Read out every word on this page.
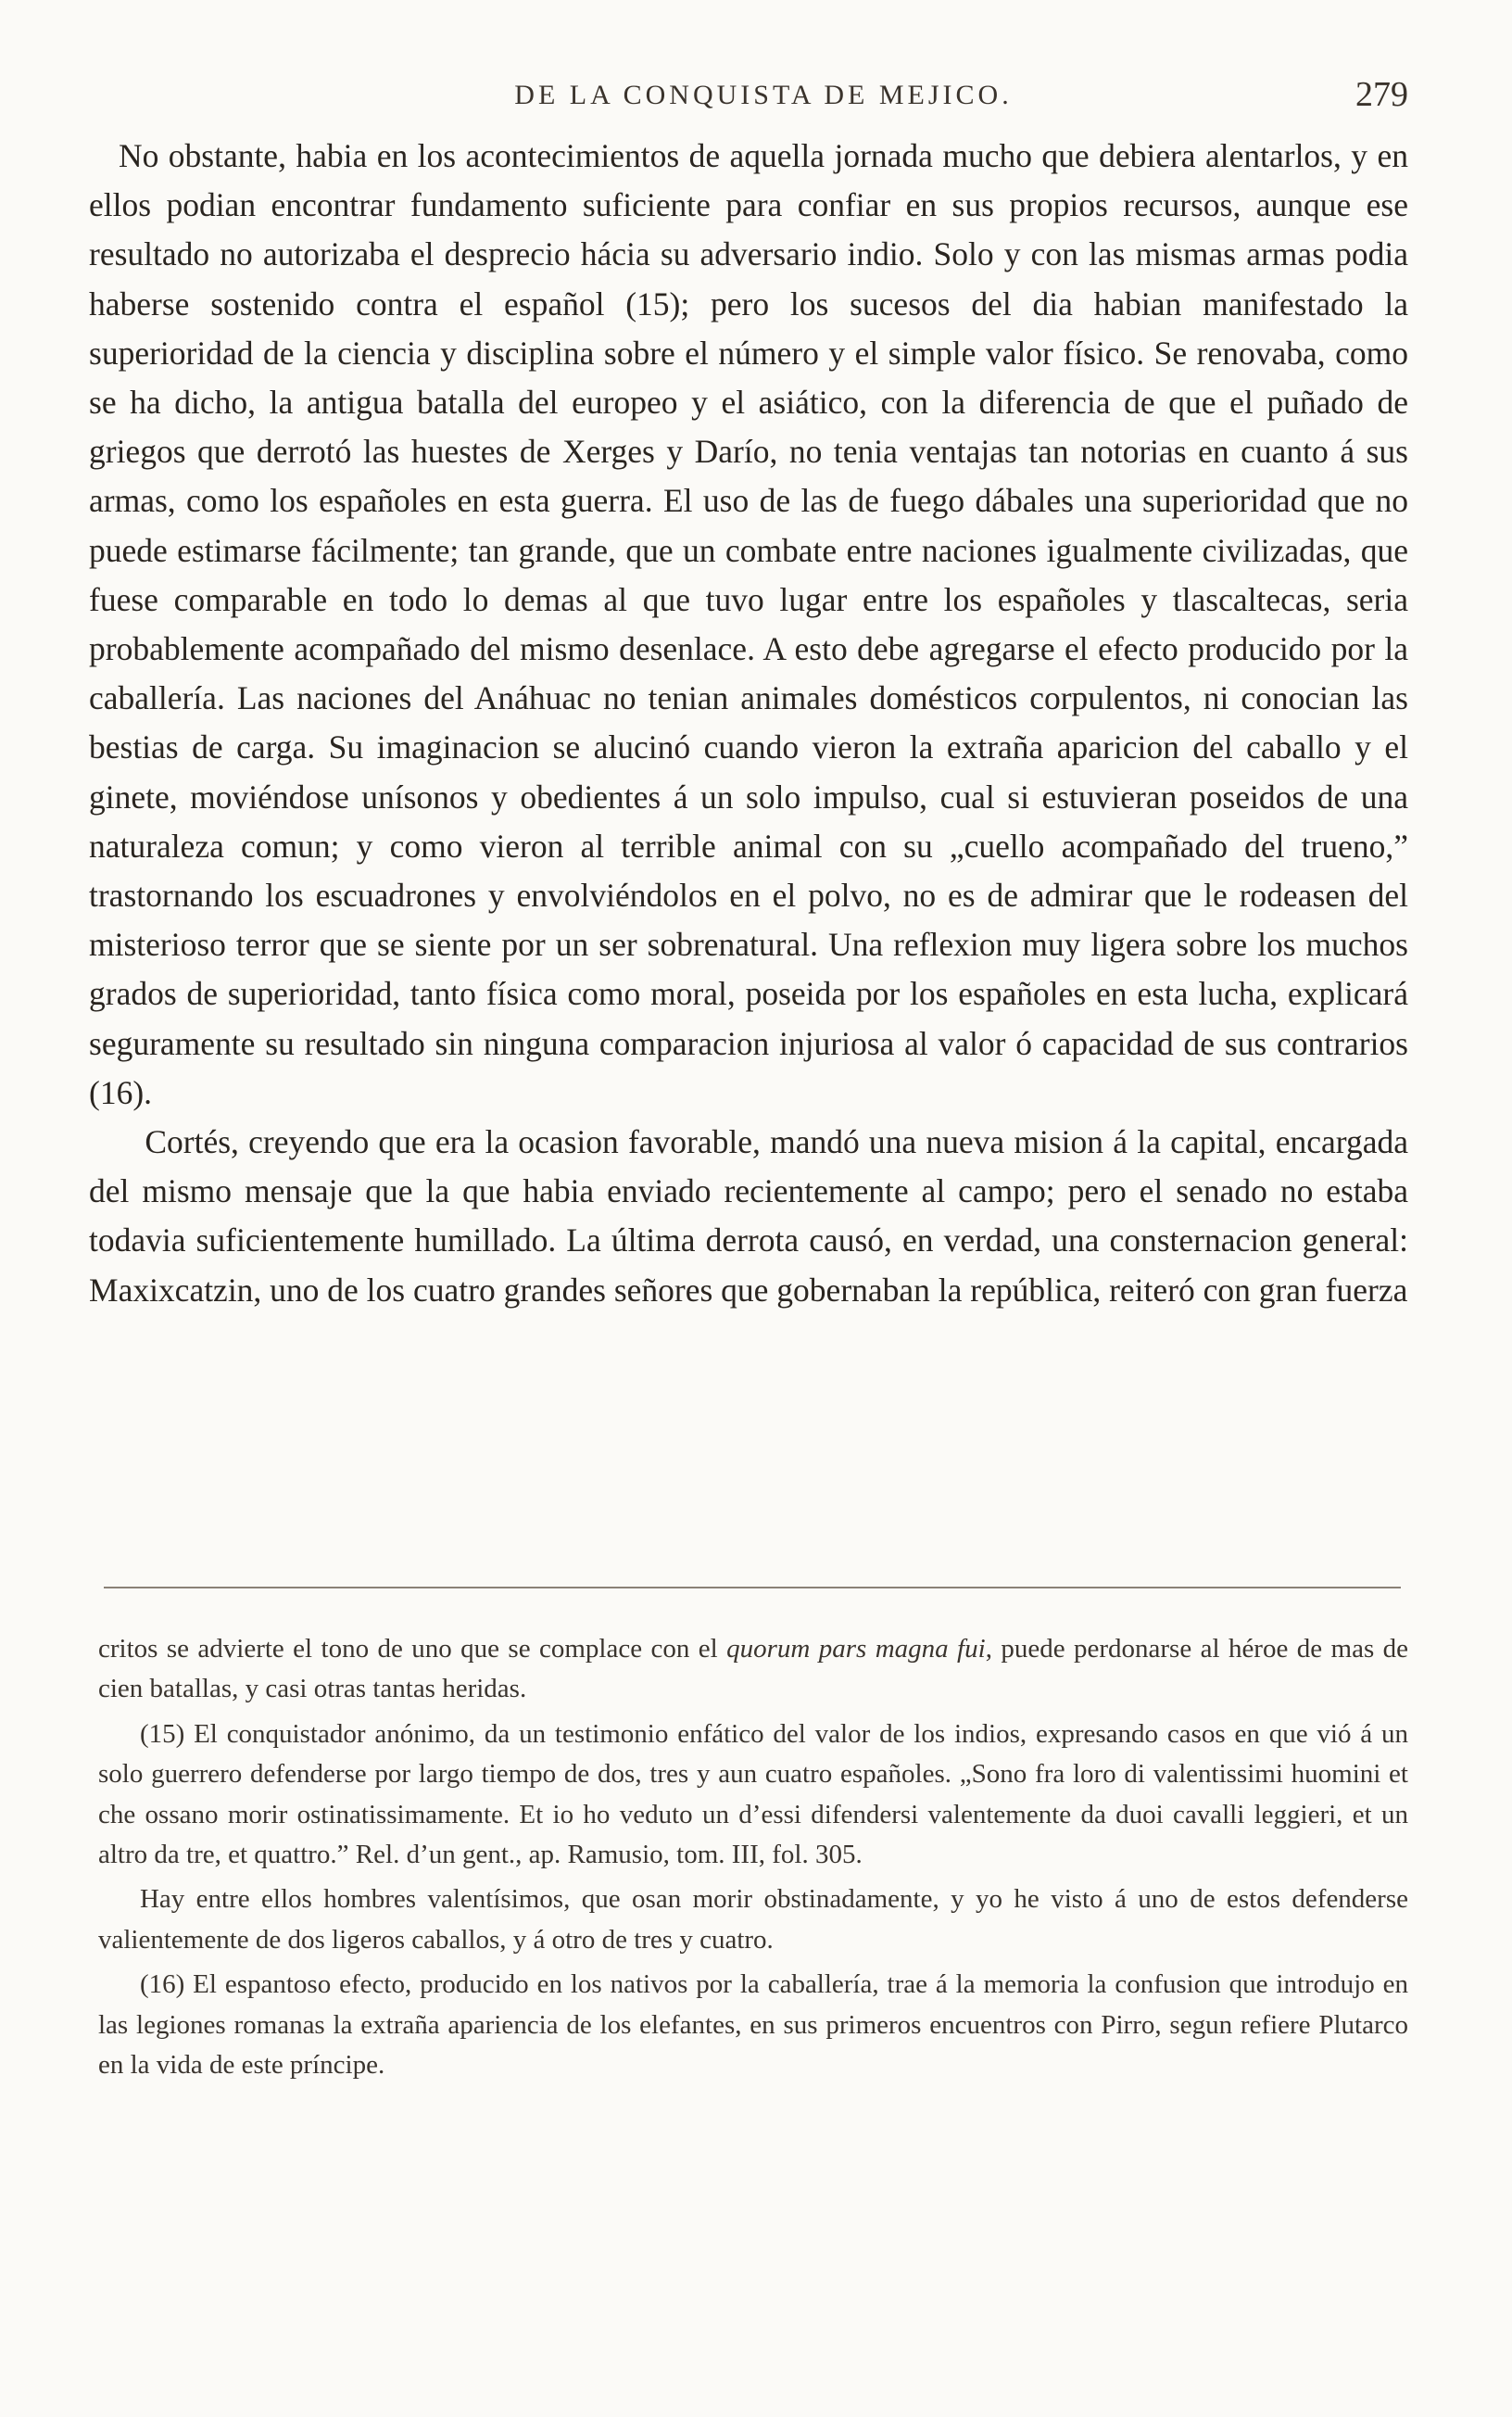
DE LA CONQUISTA DE MEJICO.	279

No obstante, habia en los acontecimientos de aquella jornada mucho que debiera alentarlos, y en ellos podian encontrar fundamento suficiente para confiar en sus propios recursos, aunque ese resultado no autorizaba el desprecio hácia su adversario indio. Solo y con las mismas armas podia haberse sostenido contra el español (15); pero los sucesos del dia habian manifestado la superioridad de la ciencia y disciplina sobre el número y el simple valor físico. Se renovaba, como se ha dicho, la antigua batalla del europeo y el asiático, con la diferencia de que el puñado de griegos que derrotó las huestes de Xerges y Darío, no tenia ventajas tan notorias en cuanto á sus armas, como los españoles en esta guerra. El uso de las de fuego dábales una superioridad que no puede estimarse fácilmente; tan grande, que un combate entre naciones igualmente civilizadas, que fuese comparable en todo lo demas al que tuvo lugar entre los españoles y tlascaltecas, seria probablemente acompañado del mismo desenlace. A esto debe agregarse el efecto producido por la caballería. Las naciones del Anáhuac no tenian animales domésticos corpulentos, ni conocian las bestias de carga. Su imaginacion se alucinó cuando vieron la extraña aparicion del caballo y el ginete, moviéndose unísonos y obedientes á un solo impulso, cual si estuvieran poseidos de una naturaleza comun; y como vieron al terrible animal con su „cuello acompañado del trueno,” trastornando los escuadrones y envolviéndolos en el polvo, no es de admirar que le rodeasen del misterioso terror que se siente por un ser sobrenatural. Una reflexion muy ligera sobre los muchos grados de superioridad, tanto física como moral, poseida por los españoles en esta lucha, explicará seguramente su resultado sin ninguna comparacion injuriosa al valor ó capacidad de sus contrarios (16).

Cortés, creyendo que era la ocasion favorable, mandó una nueva mision á la capital, encargada del mismo mensaje que la que habia enviado recientemente al campo; pero el senado no estaba todavia suficientemente humillado. La última derrota causó, en verdad, una consternacion general: Maxixcatzin, uno de los cuatro grandes señores que gobernaban la república, reiteró con gran fuerza

critos se advierte el tono de uno que se complace con el quorum pars magna fui, puede perdonarse al héroe de mas de cien batallas, y casi otras tantas heridas.

(15) El conquistador anónimo, da un testimonio enfático del valor de los indios, expresando casos en que vió á un solo guerrero defenderse por largo tiempo de dos, tres y aun cuatro españoles. „Sono fra loro di valentissimi huomini et che ossano morir ostinatissimamente. Et io ho veduto un d’essi difendersi valentemente da duoi cavalli leggieri, et un altro da tre, et quattro.” Rel. d’un gent., ap. Ramusio, tom. III, fol. 305.

Hay entre ellos hombres valentísimos, que osan morir obstinadamente, y yo he visto á uno de estos defenderse valientemente de dos ligeros caballos, y á otro de tres y cuatro.

(16) El espantoso efecto, producido en los nativos por la caballería, trae á la memoria la confusion que introdujo en las legiones romanas la extraña apariencia de los elefantes, en sus primeros encuentros con Pirro, segun refiere Plutarco en la vida de este príncipe.
